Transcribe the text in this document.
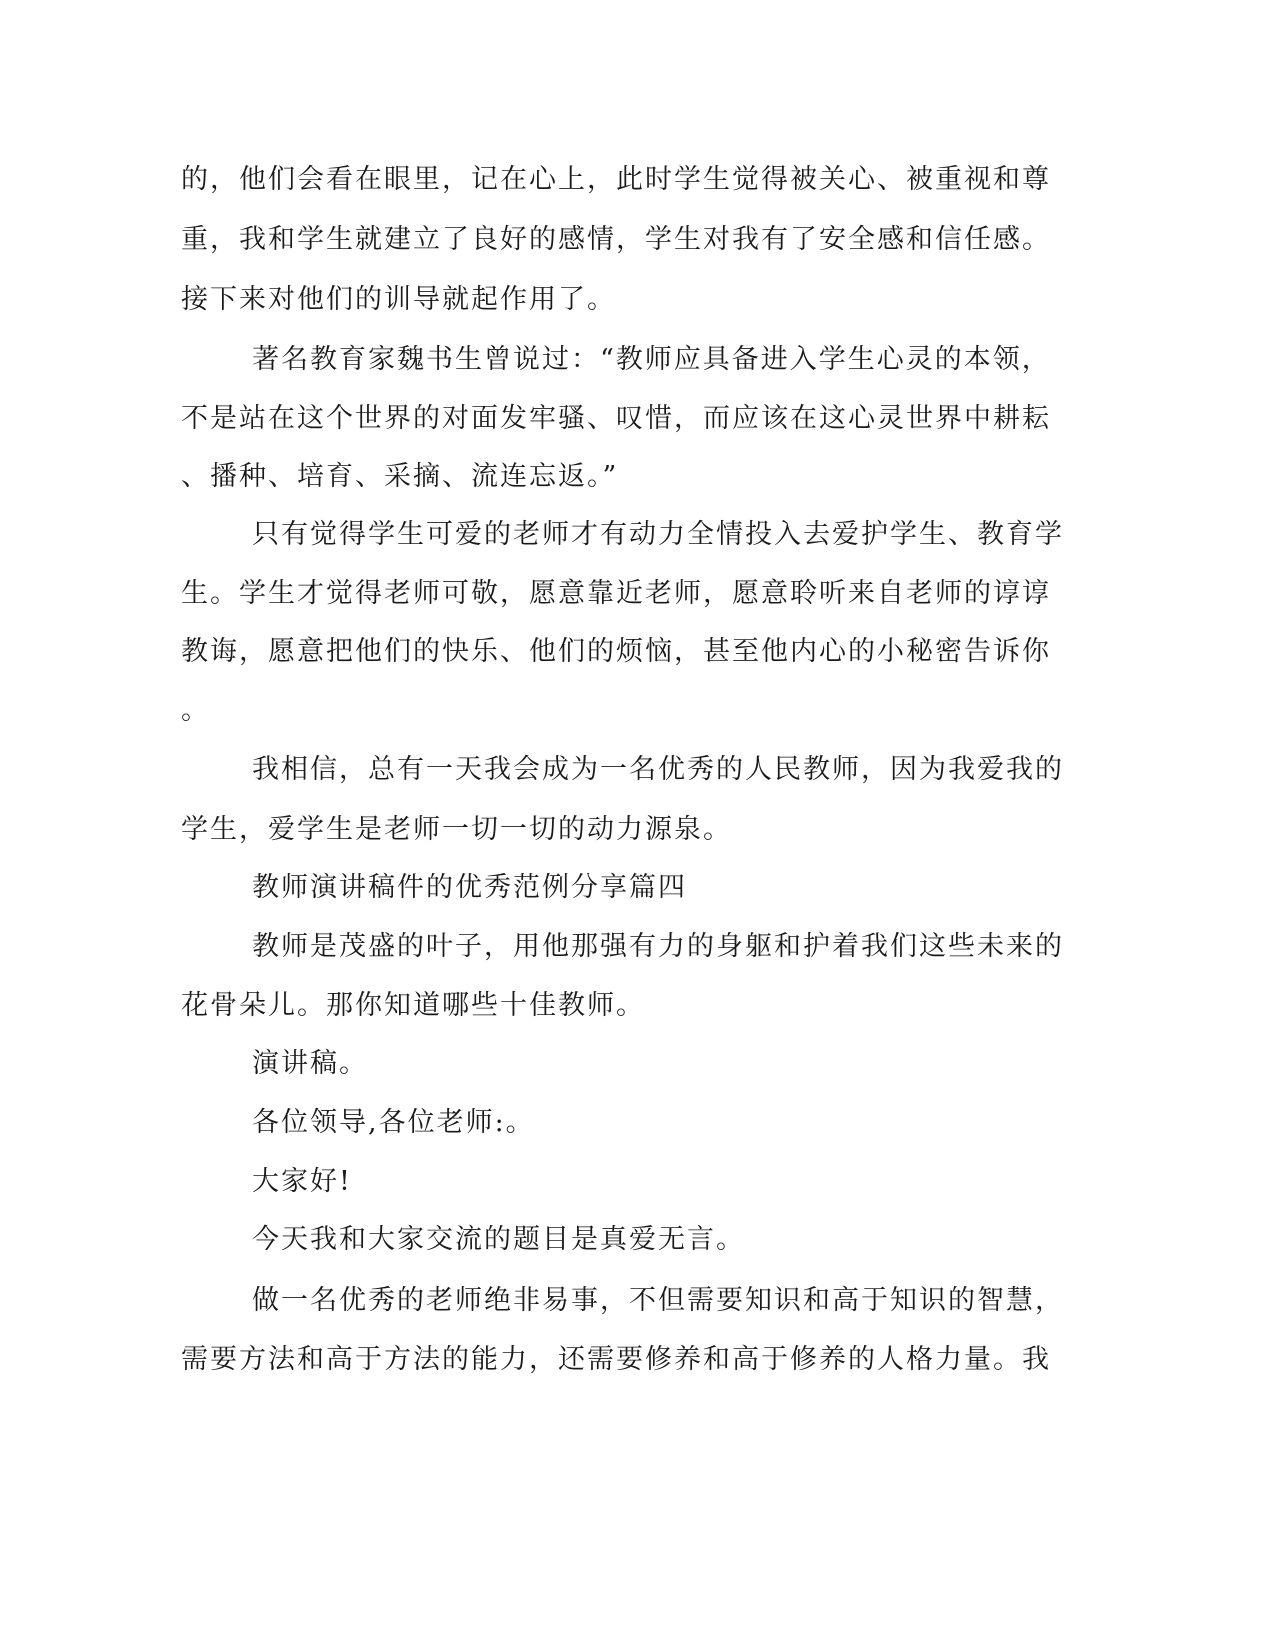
的，他们会看在眼里，记在心上，此时学生觉得被关心、被重视和尊
重，我和学生就建立了良好的感情，学生对我有了安全感和信任感。
接下来对他们的训导就起作用了。
著名教育家魏书生曾说过：“教师应具备进入学生心灵的本领，
不是站在这个世界的对面发牢骚、叹惜，而应该在这心灵世界中耕耘
、播种、培育、采摘、流连忘返。”
只有觉得学生可爱的老师才有动力全情投入去爱护学生、教育学
生。学生才觉得老师可敬，愿意靠近老师，愿意聆听来自老师的谆谆
教诲，愿意把他们的快乐、他们的烦恼，甚至他内心的小秘密告诉你
。
我相信，总有一天我会成为一名优秀的人民教师，因为我爱我的
学生，爱学生是老师一切一切的动力源泉。
教师演讲稿件的优秀范例分享篇四
教师是茂盛的叶子，用他那强有力的身躯和护着我们这些未来的
花骨朵儿。那你知道哪些十佳教师。
演讲稿。
各位领导,各位老师:。
大家好!
今天我和大家交流的题目是真爱无言。
做一名优秀的老师绝非易事，不但需要知识和高于知识的智慧，
需要方法和高于方法的能力，还需要修养和高于修养的人格力量。我
